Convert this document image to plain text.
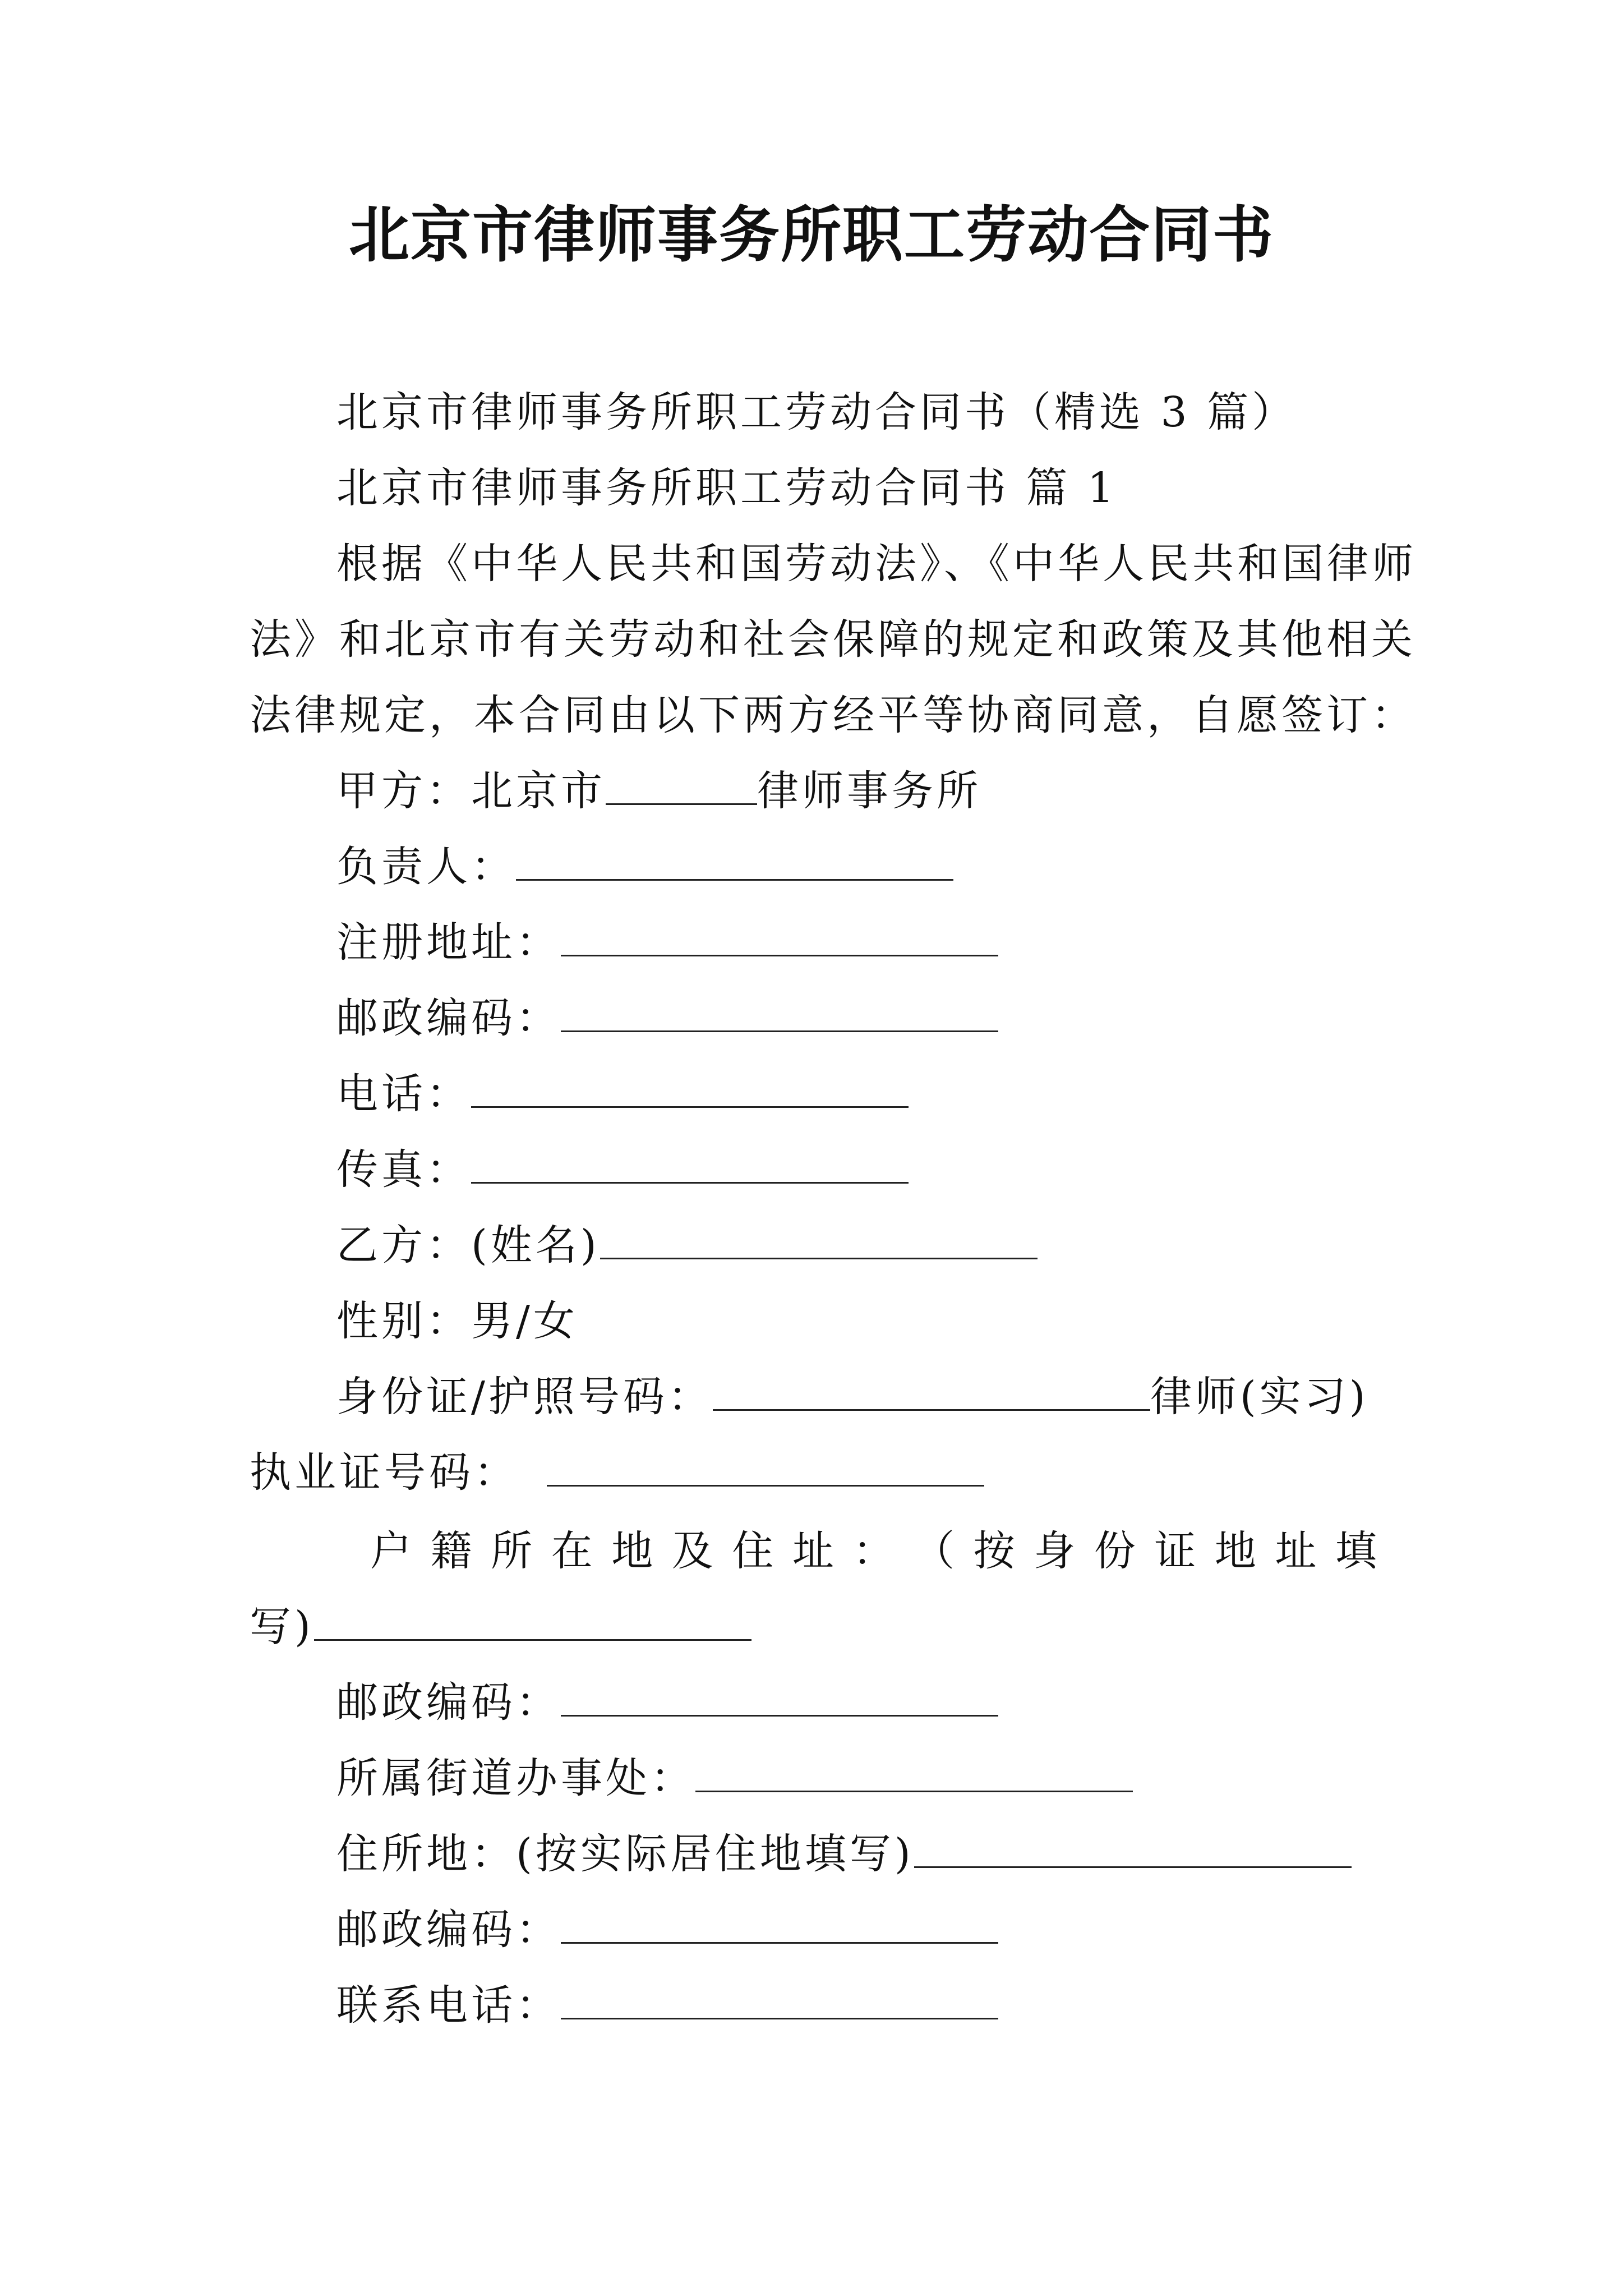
北京市律师事务所职工劳动合同书
北京市律师事务所职工劳动合同书（精选 3 篇）
北京市律师事务所职工劳动合同书 篇 1
根据《中华人民共和国劳动法》、《中华人民共和国律师
法》和北京市有关劳动和社会保障的规定和政策及其他相关
法律规定，本合同由以下两方经平等协商同意，自愿签订：
甲方：北京市	律师事务所
负责人：
注册地址：
邮政编码：
电话：
传真：
乙方：(姓名)
性别：男/女
身份证/护照号码：	律师(实习)
执业证号码：
户 籍 所 在 地 及 住 址 ： （ 按 身 份 证 地 址 填
写)
邮政编码：
所属街道办事处：
住所地：(按实际居住地填写)
邮政编码：
联系电话：
